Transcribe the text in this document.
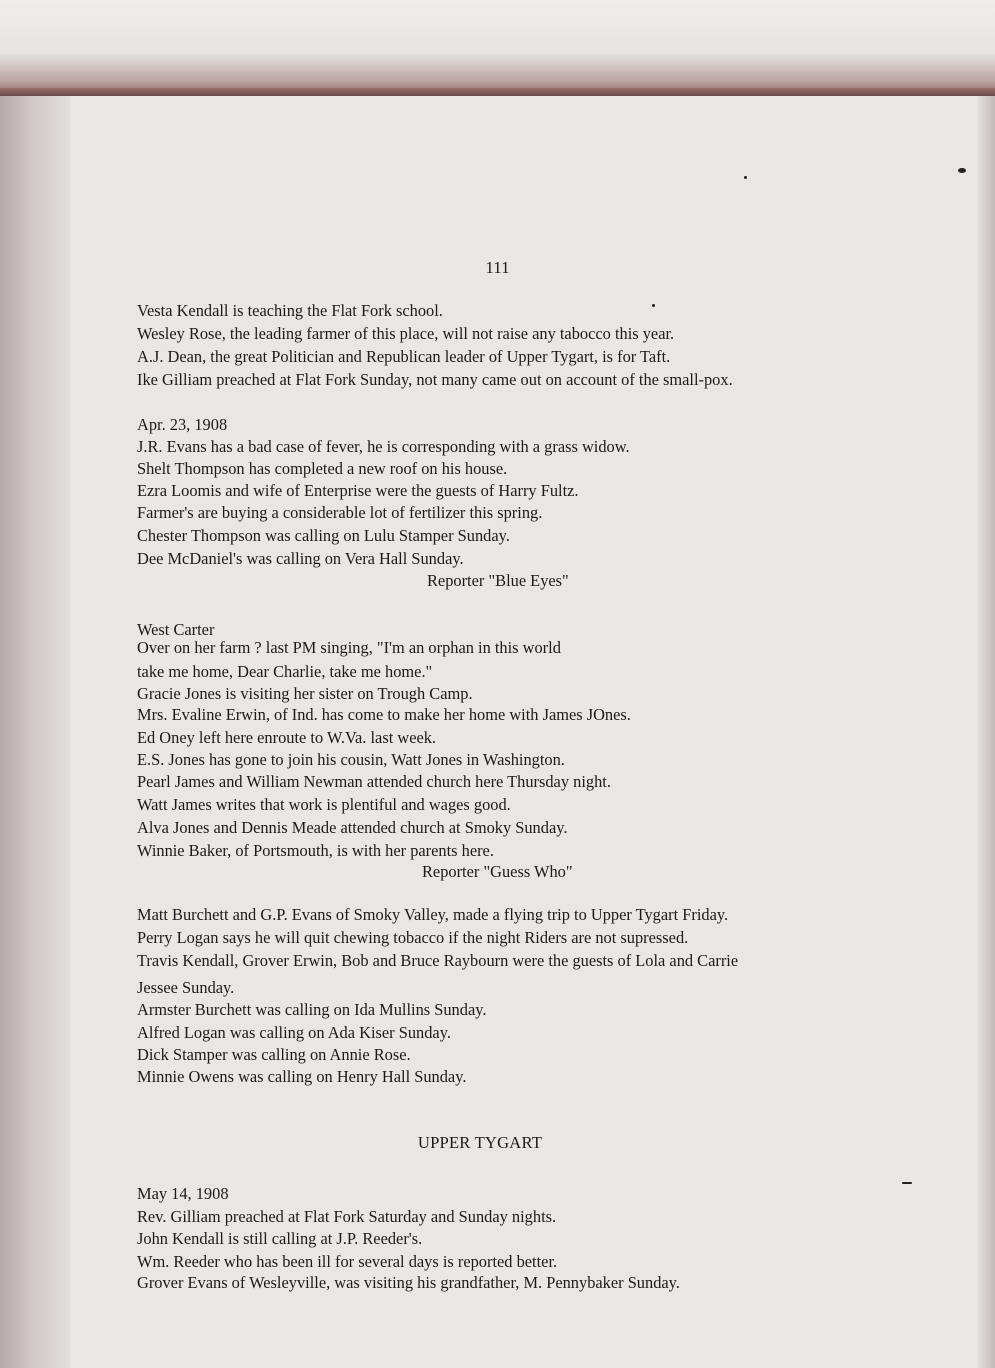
111
Vesta Kendall is teaching the Flat Fork school.
Wesley Rose, the leading farmer of this place, will not raise any tabocco this year.
A.J. Dean, the great Politician and Republican leader of Upper Tygart, is for Taft.
Ike Gilliam preached at Flat Fork Sunday, not many came out on account of the small-pox.
Apr. 23, 1908
J.R. Evans has a bad case of fever, he is corresponding with a grass widow.
Shelt Thompson has completed a new roof on his house.
Ezra Loomis and wife of Enterprise were the guests of Harry Fultz.
Farmer's are buying a considerable lot of fertilizer this spring.
Chester Thompson was calling on Lulu Stamper Sunday.
Dee McDaniel's was calling on Vera Hall Sunday.
Reporter "Blue Eyes"
West Carter
Over on her farm ? last PM singing, "I'm an orphan in this world
take me home, Dear Charlie, take me home."
Gracie Jones is visiting her sister on Trough Camp.
Mrs. Evaline Erwin, of Ind. has come to make her home with James JOnes.
Ed Oney left here enroute to W.Va. last week.
E.S. Jones has gone to join his cousin, Watt Jones in Washington.
Pearl James and William Newman attended church here Thursday night.
Watt James writes that work is plentiful and wages good.
Alva Jones and Dennis Meade attended church at Smoky Sunday.
Winnie Baker, of Portsmouth, is with her parents here.
Reporter "Guess Who"
Matt Burchett and G.P. Evans of Smoky Valley, made a flying trip to Upper Tygart Friday.
Perry Logan says he will quit chewing tobacco if the night Riders are not supressed.
Travis Kendall, Grover Erwin, Bob and Bruce Raybourn were the guests of Lola and Carrie
Jessee Sunday.
Armster Burchett was calling on Ida Mullins Sunday.
Alfred Logan was calling on Ada Kiser Sunday.
Dick Stamper was calling on Annie Rose.
Minnie Owens was calling on Henry Hall Sunday.
UPPER TYGART
May 14, 1908
Rev. Gilliam preached at Flat Fork Saturday and Sunday nights.
John Kendall is still calling at J.P. Reeder's.
Wm. Reeder who has been ill for several days is reported better.
Grover Evans of Wesleyville, was visiting his grandfather, M. Pennybaker Sunday.
